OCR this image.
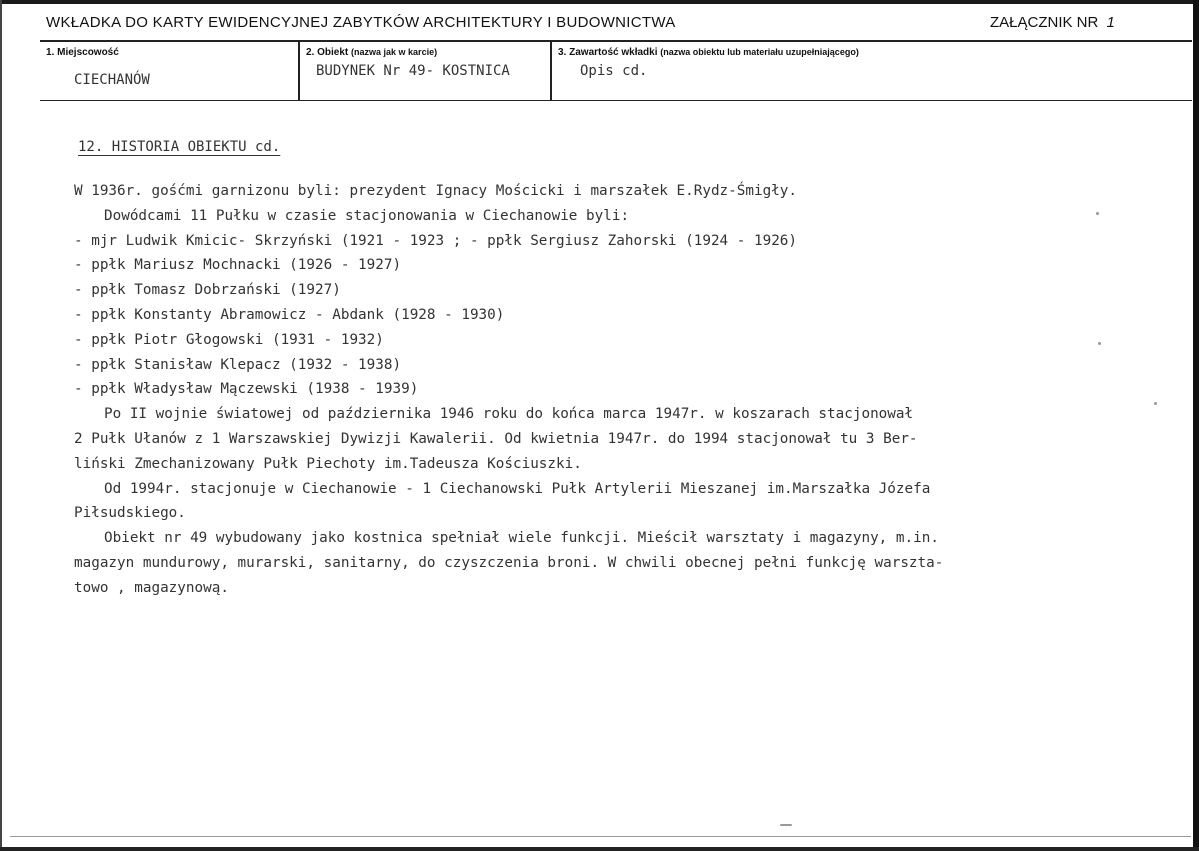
WKŁADKA DO KARTY EWIDENCYJNEJ ZABYTKÓW ARCHITEKTURY I BUDOWNICTWA	ZAŁĄCZNIK NR 1
1. Miejscowość
CIECHANÓW
2. Obiekt (nazwa jak w karcie)
BUDYNEK Nr 49- KOSTNICA
3. Zawartość wkładki (nazwa obiektu lub materiału uzupełniającego)
Opis cd.
12. HISTORIA OBIEKTU cd.
W 1936r. gośćmi garnizonu byli: prezydent Ignacy Mościcki i marszałek E.Rydz-Śmigły.
Dowódcami 11 Pułku w czasie stacjonowania w Ciechanowie byli:
- mjr Ludwik Kmicic- Skrzyński (1921 - 1923 ; - ppłk Sergiusz Zahorski (1924 - 1926)
- ppłk Mariusz Mochnacki (1926 - 1927)
- ppłk Tomasz Dobrzański (1927)
- ppłk Konstanty Abramowicz - Abdank (1928 - 1930)
- ppłk Piotr Głogowski (1931 - 1932)
- ppłk Stanisław Klepacz (1932 - 1938)
- ppłk Władysław Mączewski (1938 - 1939)
Po II wojnie światowej od października 1946 roku do końca marca 1947r. w koszarach stacjonował
2 Pułk Ułanów z 1 Warszawskiej Dywizji Kawalerii. Od kwietnia 1947r. do 1994 stacjonował tu 3 Ber-
liński Zmechanizowany Pułk Piechoty im.Tadeusza Kościuszki.
Od 1994r. stacjonuje w Ciechanowie - 1 Ciechanowski Pułk Artylerii Mieszanej im.Marszałka Józefa
Piłsudskiego.
Obiekt nr 49 wybudowany jako kostnica spełniał wiele funkcji. Mieścił warsztaty i magazyny, m.in.
magazyn mundurowy, murarski, sanitarny, do czyszczenia broni. W chwili obecnej pełni funkcję warszta-
towo , magazynową.
